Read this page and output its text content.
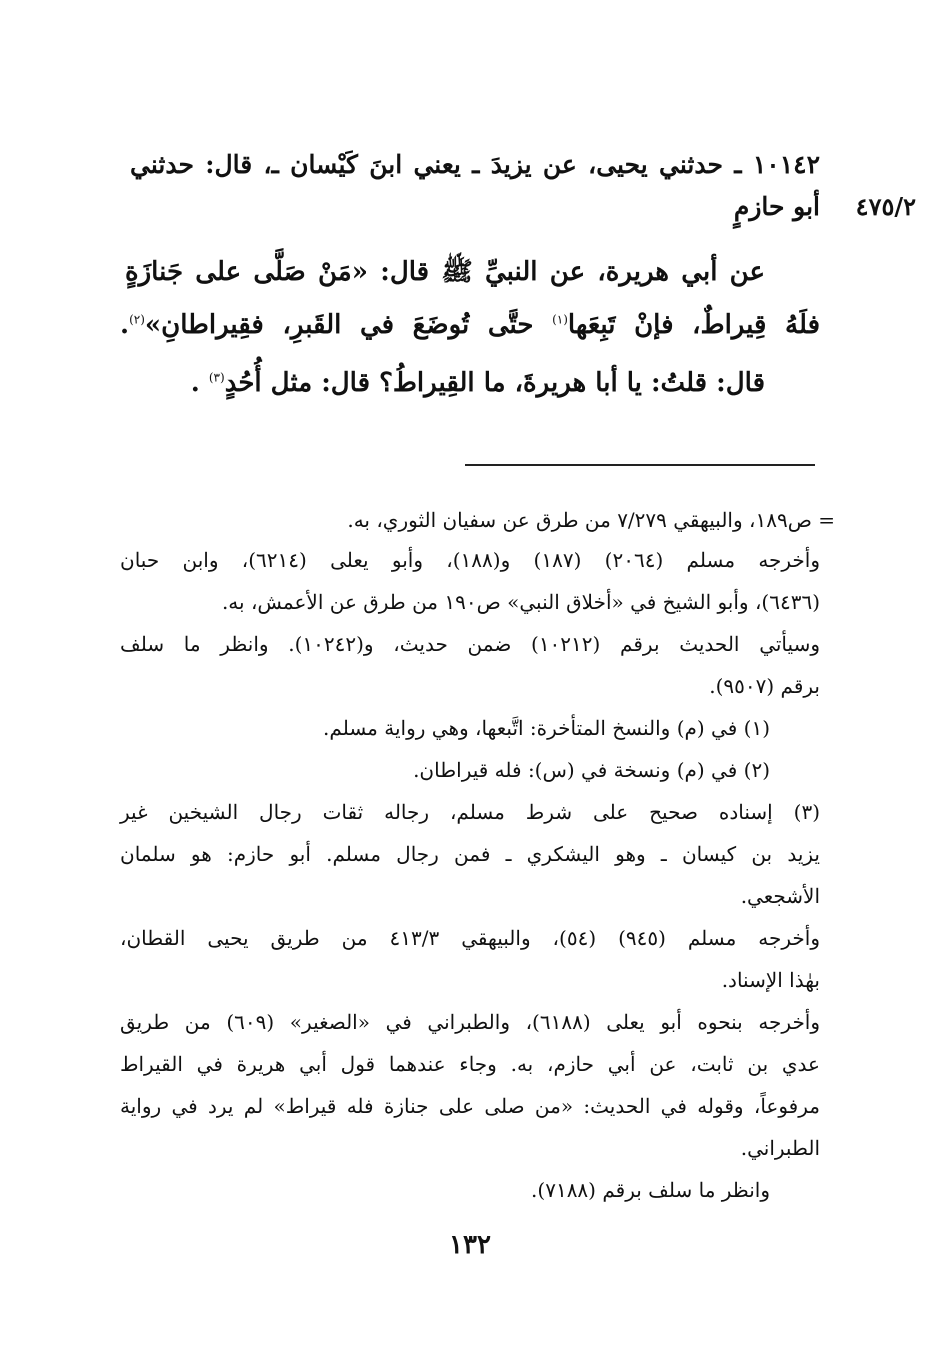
١٠١٤٢ ـ حدثني يحيى، عن يزيدَ ـ يعني ابنَ كَيْسان ـ، قال: حدثني
أبو حازمٍ	٤٧٥/٢
عن أبي هريرة، عن النبيِّ ﷺ قال: «مَنْ صَلَّى على جَنازَةٍ
فلَهُ قِيراطٌ، فإنْ تَبِعَها$^{(١)}$ حتَّى تُوضَعَ في القَبرِ، فقِيراطانِ»$^{(٢)}$.
قال: قلتُ: يا أبا هريرةَ، ما القِيراطُ؟ قال: مثل أُحُدٍ$^{(٣)}$ .
= ص١٨٩، والبيهقي ٧/٢٧٩ من طرق عن سفيان الثوري، به.
وأخرجه مسلم (٢٠٦٤) (١٨٧) و(١٨٨)، وأبو يعلى (٦٢١٤)، وابن حبان
(٦٤٣٦)، وأبو الشيخ في «أخلاق النبي» ص١٩٠ من طرق عن الأعمش، به.
وسيأتي الحديث برقم (١٠٢١٢) ضمن حديث، و(١٠٢٤٢). وانظر ما سلف
برقم (٩٥٠٧).
(١) في (م) والنسخ المتأخرة: اتَّبعها، وهي رواية مسلم.
(٢) في (م) ونسخة في (س): فله قيراطان.
(٣) إسناده صحيح على شرط مسلم، رجاله ثقات رجال الشيخين غير
يزيد بن كيسان ـ وهو اليشكري ـ فمن رجال مسلم. أبو حازم: هو سلمان
الأشجعي.
وأخرجه مسلم (٩٤٥) (٥٤)، والبيهقي ٤١٣/٣ من طريق يحيى القطان،
بهٰذا الإسناد.
وأخرجه بنحوه أبو يعلى (٦١٨٨)، والطبراني في «الصغير» (٦٠٩) من طريق
عدي بن ثابت، عن أبي حازم، به. وجاء عندهما قول أبي هريرة في القيراط
مرفوعاً، وقوله في الحديث: «من صلى على جنازة فله قيراط» لم يرد في رواية
الطبراني.
وانظر ما سلف برقم (٧١٨٨).
١٣٢
